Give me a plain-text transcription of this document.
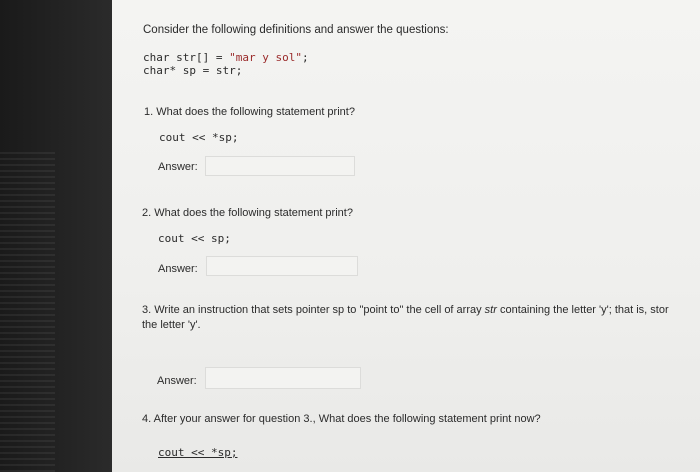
Consider the following definitions and answer the questions:
char str[] = "mar y sol";
char* sp = str;
1. What does the following statement print?
cout << *sp;
Answer:
2. What does the following statement print?
cout << sp;
Answer:
3. Write an instruction that sets pointer sp to "point to" the cell of array str containing the letter 'y'; that is, stor
the letter 'y'.
Answer:
4. After your answer for question 3., What does the following statement print now?
cout << *sp;
